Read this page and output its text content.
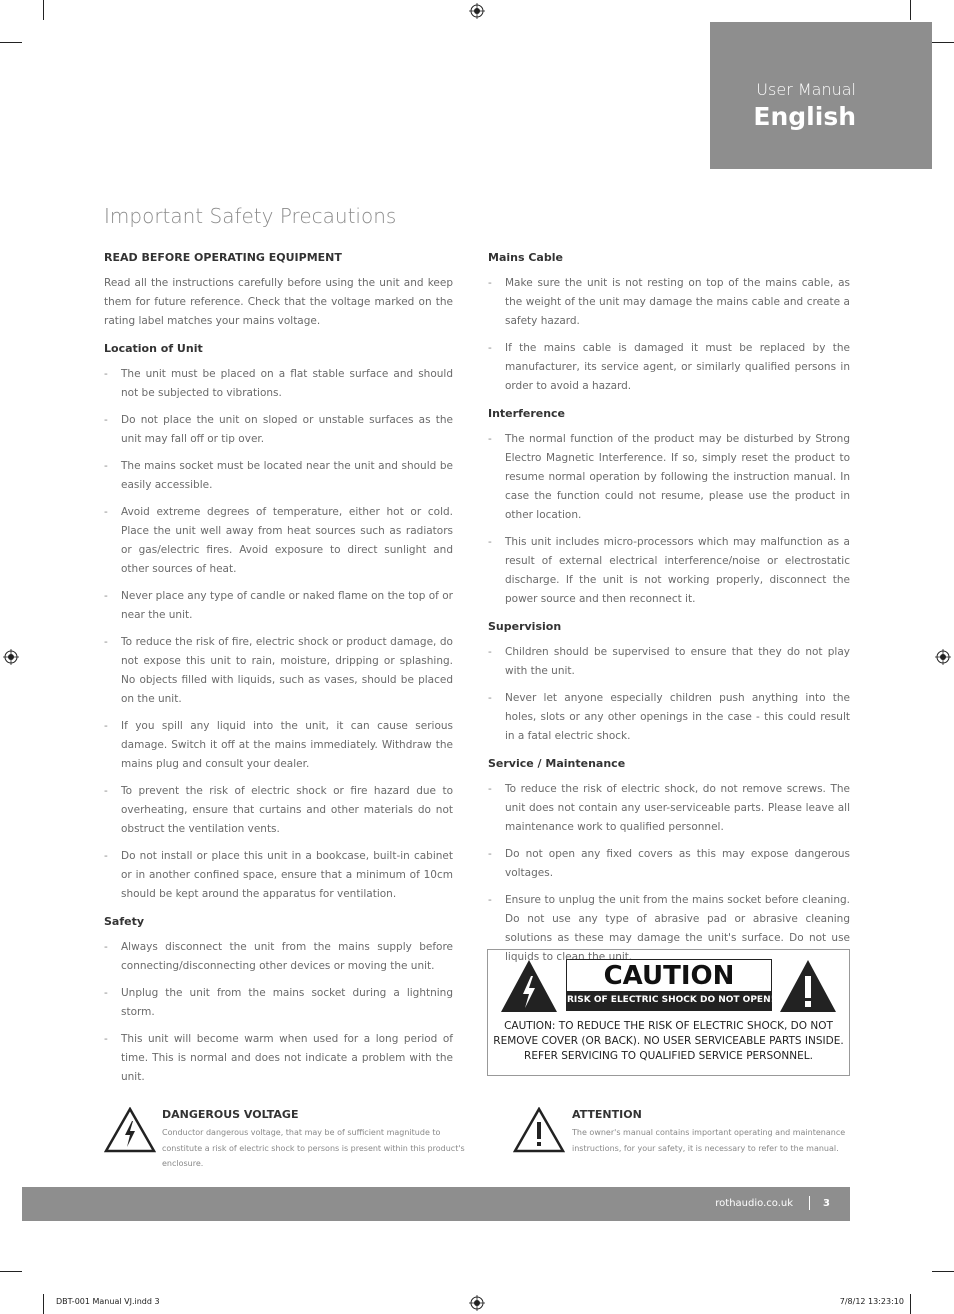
User Manual
English
Important Safety Precautions
READ BEFORE OPERATING EQUIPMENT

Read all the instructions carefully before using the unit and keep them for future reference. Check that the voltage marked on the rating label matches your mains voltage.

Location of Unit
- The unit must be placed on a flat stable surface and should not be subjected to vibrations.
- Do not place the unit on sloped or unstable surfaces as the unit may fall off or tip over.
- The mains socket must be located near the unit and should be easily accessible.
- Avoid extreme degrees of temperature, either hot or cold. Place the unit well away from heat sources such as radiators or gas/electric fires. Avoid exposure to direct sunlight and other sources of heat.
- Never place any type of candle or naked flame on the top of or near the unit.
- To reduce the risk of fire, electric shock or product damage, do not expose this unit to rain, moisture, dripping or splashing. No objects filled with liquids, such as vases, should be placed on the unit.
- If you spill any liquid into the unit, it can cause serious damage. Switch it off at the mains immediately. Withdraw the mains plug and consult your dealer.
- To prevent the risk of electric shock or fire hazard due to overheating, ensure that curtains and other materials do not obstruct the ventilation vents.
- Do not install or place this unit in a bookcase, built-in cabinet or in another confined space, ensure that a minimum of 10cm should be kept around the apparatus for ventilation.
Safety
- Always disconnect the unit from the mains supply before connecting/disconnecting other devices or moving the unit.
- Unplug the unit from the mains socket during a lightning storm.
- This unit will become warm when used for a long period of time. This is normal and does not indicate a problem with the unit.
Mains Cable
- Make sure the unit is not resting on top of the mains cable, as the weight of the unit may damage the mains cable and create a safety hazard.
- If the mains cable is damaged it must be replaced by the manufacturer, its service agent, or similarly qualified persons in order to avoid a hazard.
Interference
- The normal function of the product may be disturbed by Strong Electro Magnetic Interference. If so, simply reset the product to resume normal operation by following the instruction manual. In case the function could not resume, please use the product in other location.
- This unit includes micro-processors which may malfunction as a result of external electrical interference/noise or electrostatic discharge. If the unit is not working properly, disconnect the power source and then reconnect it.
Supervision
- Children should be supervised to ensure that they do not play with the unit.
- Never let anyone especially children push anything into the holes, slots or any other openings in the case - this could result in a fatal electric shock.
Service / Maintenance
- To reduce the risk of electric shock, do not remove screws. The unit does not contain any user-serviceable parts. Please leave all maintenance work to qualified personnel.
- Do not open any fixed covers as this may expose dangerous voltages.
- Ensure to unplug the unit from the mains socket before cleaning. Do not use any type of abrasive pad or abrasive cleaning solutions as these may damage the unit's surface. Do not use liquids to clean the unit.
CAUTION
RISK OF ELECTRIC SHOCK DO NOT OPEN!
CAUTION: TO REDUCE THE RISK OF ELECTRIC SHOCK, DO NOT REMOVE COVER (OR BACK). NO USER SERVICEABLE PARTS INSIDE. REFER SERVICING TO QUALIFIED SERVICE PERSONNEL.
DANGEROUS VOLTAGE
Conductor dangerous voltage, that may be of sufficient magnitude to constitute a risk of electric shock to persons is present within this product's enclosure.
ATTENTION
The owner's manual contains important operating and maintenance instructions, for your safety, it is necessary to refer to the manual.
rothaudio.co.uk	3
DBT-001 Manual VJ.indd 3	7/8/12 13:23:10
